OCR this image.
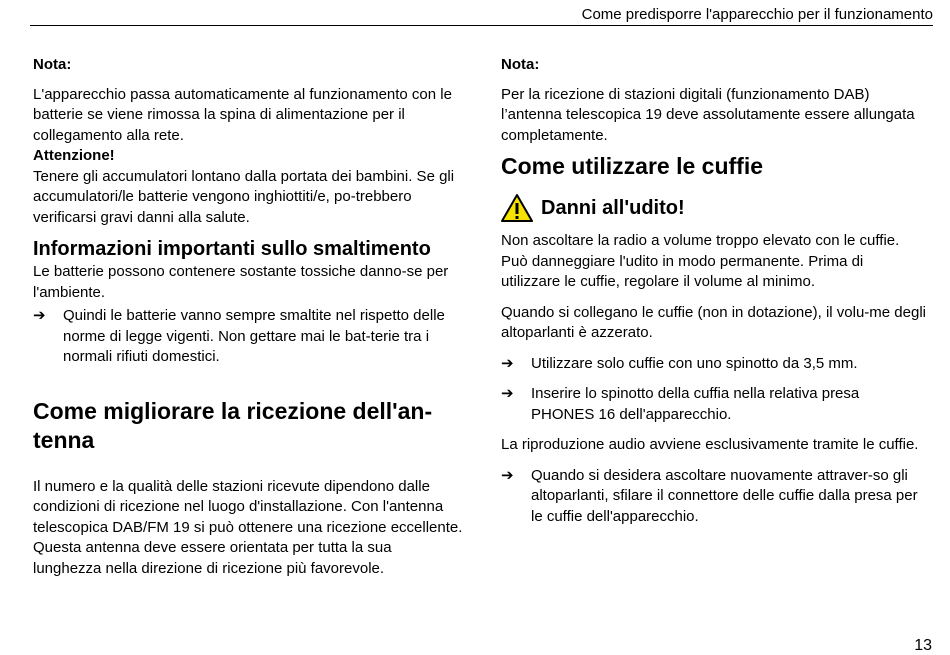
Come predisporre l'apparecchio per il funzionamento

Nota:

L'apparecchio passa automaticamente al funzionamento con le batterie se viene rimossa la spina di alimentazione per il collegamento alla rete.

Attenzione!

Tenere gli accumulatori lontano dalla portata dei bambini. Se gli accumulatori/le batterie vengono inghiottiti/e, po-trebbero verificarsi gravi danni alla salute.

Informazioni importanti sullo smaltimento

Le batterie possono contenere sostante tossiche danno-se per l'ambiente.

➔	Quindi le batterie vanno sempre smaltite nel rispetto delle norme di legge vigenti. Non gettare mai le bat-terie tra i normali rifiuti domestici.
Come migliorare la ricezione dell'an-tenna

Il numero e la qualità delle stazioni ricevute dipendono dalle condizioni di ricezione nel luogo d'installazione. Con l'antenna telescopica DAB/FM 19 si può ottenere una ricezione eccellente. Questa antenna deve essere orientata per tutta la sua lunghezza nella direzione di ricezione più favorevole.

Nota:

Per la ricezione di stazioni digitali (funzionamento DAB) l’antenna telescopica 19 deve assolutamente essere allungata completamente.

Come utilizzare le cuffie
Danni all'udito!

Non ascoltare la radio a volume troppo elevato con le cuffie. Può danneggiare l'udito in modo permanente. Prima di utilizzare le cuffie, regolare il volume al minimo.

Quando si collegano le cuffie (non in dotazione), il volu-me degli altoparlanti è azzerato.

➔	Utilizzare solo cuffie con uno spinotto da 3,5 mm.
➔	Inserire lo spinotto della cuffia nella relativa presa PHONES 16 dell'apparecchio.

La riproduzione audio avviene esclusivamente tramite le cuffie.

➔	Quando si desidera ascoltare nuovamente attraver-so gli altoparlanti, sfilare il connettore delle cuffie dalla presa per le cuffie dell'apparecchio.
13
